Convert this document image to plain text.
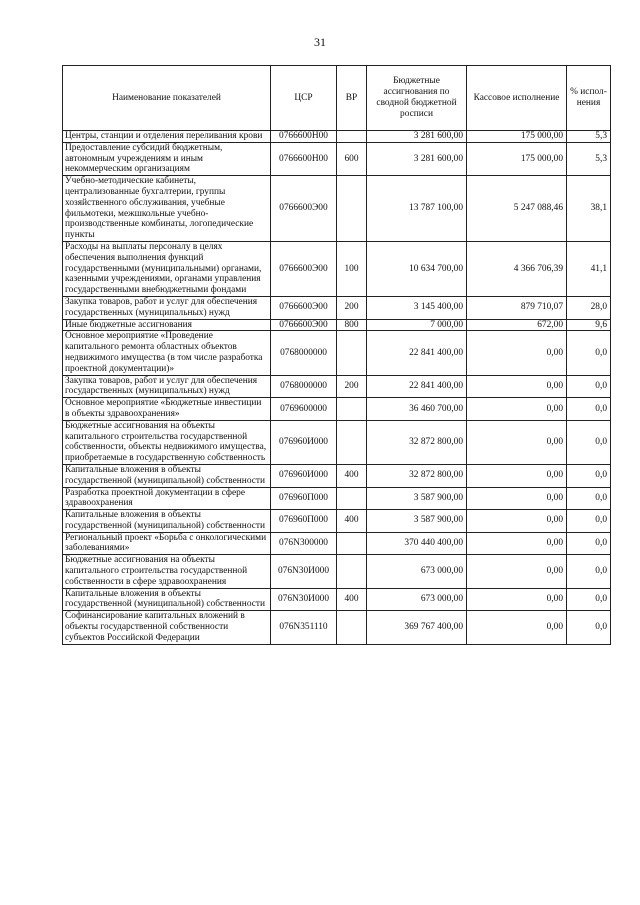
31
Наименование показателей	ЦСР	ВР	Бюджетные ассигнования по сводной бюджетной росписи	Кассовое исполнение	% испол-нения
Центры, станции и отделения переливания крови	0766600Н00		3 281 600,00	175 000,00	5,3
Предоставление субсидий бюджетным, автономным учреждениям и иным некоммерческим организациям	0766600Н00	600	3 281 600,00	175 000,00	5,3
Учебно-методические кабинеты, централизованные бухгалтерии, группы хозяйственного обслуживания, учебные фильмотеки, межшкольные учебно-производственные комбинаты, логопедические пункты	0766600Э00		13 787 100,00	5 247 088,46	38,1
Расходы на выплаты персоналу в целях обеспечения выполнения функций государственными (муниципальными) органами, казенными учреждениями, органами управления государственными внебюджетными фондами	0766600Э00	100	10 634 700,00	4 366 706,39	41,1
Закупка товаров, работ и услуг для обеспечения государственных (муниципальных) нужд	0766600Э00	200	3 145 400,00	879 710,07	28,0
Иные бюджетные ассигнования	0766600Э00	800	7 000,00	672,00	9,6
Основное мероприятие «Проведение капитального ремонта областных объектов недвижимого имущества (в том числе разработка проектной документации)»	0768000000		22 841 400,00	0,00	0,0
Закупка товаров, работ и услуг для обеспечения государственных (муниципальных) нужд	0768000000	200	22 841 400,00	0,00	0,0
Основное мероприятие «Бюджетные инвестиции в объекты здравоохранения»	0769600000		36 460 700,00	0,00	0,0
Бюджетные ассигнования на объекты капитального строительства государственной собственности, объекты недвижимого имущества, приобретаемые в государственную собственность	076960И000		32 872 800,00	0,00	0,0
Капитальные вложения в объекты государственной (муниципальной) собственности	076960И000	400	32 872 800,00	0,00	0,0
Разработка проектной документации в сфере здравоохранения	076960П000		3 587 900,00	0,00	0,0
Капитальные вложения в объекты государственной (муниципальной) собственности	076960П000	400	3 587 900,00	0,00	0,0
Региональный проект «Борьба с онкологическими заболеваниями»	076N300000		370 440 400,00	0,00	0,0
Бюджетные ассигнования на объекты капитального строительства государственной собственности в сфере здравоохранения	076N30И000		673 000,00	0,00	0,0
Капитальные вложения в объекты государственной (муниципальной) собственности	076N30И000	400	673 000,00	0,00	0,0
Софинансирование капитальных вложений в объекты государственной собственности субъектов Российской Федерации	076N351110		369 767 400,00	0,00	0,0
